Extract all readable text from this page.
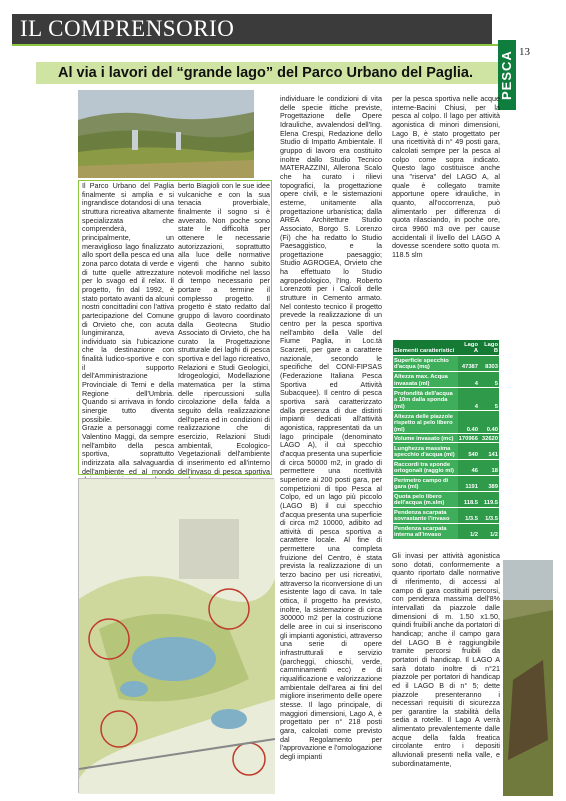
IL COMPRENSORIO
PESCA 13
Al via i lavori del “grande lago” del Parco Urbano del Paglia.

Il Parco Urbano del Paglia finalmente si amplia e si ingrandisce dotandosi di una struttura ricreativa altamente specializzata che comprenderà, principalmente, un meraviglioso lago finalizzato allo sport della pesca ed una zona parco dotata di verde e di tutte quelle attrezzature per lo svago ed il relax. Il progetto, fin dal 1992, è stato portato avanti da alcuni nostri concittadini con l'attiva partecipazione del Comune di Orvieto che, con acuta lungimiranza, aveva individuato sia l'ubicazione che la destinazione con finalità ludico-sportive e con il supporto dell'Amministrazione Provinciale di Terni e della Regione dell'Umbria. Quando si arrivava in fondo sinergie tutto diventa possibile.

Grazie a personaggi come Valentino Maggi, da sempre nell'ambito della pesca sportiva, soprattutto indirizzata alla salvaguardia dell'ambiente ed al mondo

berto Biagioli con le sue idee vulcaniche e con la sua tenacia proverbiale, finalmente il sogno si è avverato. Non poche sono state le difficoltà per ottenere le necessarie autorizzazioni, soprattutto alla luce delle normative vigenti che hanno subito notevoli modifiche nel lasso di tempo necessario per portare a termine il complesso progetto. Il progetto è stato redatto dal gruppo di lavoro coordinato dalla Geotecna Studio Associato di Orvieto, che ha curato la Progettazione strutturale dei laghi di pesca sportiva e del lago ricreativo, Relazioni e Studi Geologici, Idrogeologici, Modellazione matematica per la stima delle ripercussioni sulla circolazione della falda a seguito della realizzazione dell'opera ed in condizioni di realizzazione che di esercizio, Relazioni Studi ambientali, Ecologico-Vegetazionali dell'ambiente di inserimento ed all'interno dell'invaso di pesca sportiva

individuare le condizioni di vita delle specie ittiche previste, Progettazione delle Opere Idrauliche, avvalendosi dell'Ing. Elena Crespi, Redazione dello Studio di Impatto Ambientale. Il gruppo di lavoro era costituito inoltre dallo Studio Tecnico MATERAZZINI, Allerona Scalo che ha curato i rilievi topografici, la progettazione opere civili, e le sistemazioni esterne, unitamente alla progettazione urbanistica; dalla AREA Architetture Studio Associato, Borgo S. Lorenzo (Fi) che ha redatto lo Studio Paesaggistico, e la progettazione paesaggio; Studio AGROGEA, Orvieto che ha effettuato lo Studio agropedologico, l'Ing. Roberto Lorenzotti per i Calcoli delle strutture in Cemento armato. Nel contesto tecnico il progetto prevede la realizzazione di un centro per la pesca sportiva nell'ambito della Valle del Fiume Paglia, in Loc.tà Scarzeti, per gare a carattere nazionale, secondo le specifiche del CONI-FIPSAS (Federazione Italiana Pesca Sportiva ed Attività Subacquee). Il centro di pesca sportiva sarà caratterizzato dalla presenza di due distinti impianti dedicati all'attività agonistica, rappresentati da un lago principale (denominato LAGO A), il cui specchio d'acqua presenta una superficie di circa 50000 m2, in grado di permettere una ricettività superiore ai 200 posti gara, per competizioni di tipo Pesca al Colpo, ed un lago più piccolo (LAGO B) il cui specchio d'acqua presenta una superficie di circa m2 10000, adibito ad attività di pesca sportiva a carattere locale. Al fine di permettere una completa fruizione del Centro, è stata prevista la realizzazione di un terzo bacino per usi ricreativi, attraverso la riconversione di un esistente lago di cava. In tale ottica, il progetto ha previsto, inoltre, la sistemazione di circa 300000 m2 per la costruzione delle aree in cui si inseriscono gli impianti agonistici, attraverso una serie di opere infrastrutturali e servizio (parcheggi, chioschi, verde, camminamenti ecc) e di riqualificazione e valorizzazione ambientale dell'area ai fini del migliore inserimento delle opere stesse. Il lago principale, di maggiori dimensioni, Lago A, è progettato per n° 218 posti gara, calcolati come previsto dal Regolamento per l'approvazione e l'omologazione degli impianti

per la pesca sportiva nelle acque interne-Bacini Chiusi, per la pesca al colpo. Il lago per attività agonistica di minori dimensioni, Lago B, è stato progettato per una ricettività di n° 49 posti gara, calcolati sempre per la pesca al colpo come sopra indicato. Questo lago costituisce anche una "riserva" del LAGO A, al quale è collegato tramite apportune opere idrauliche, in quanto, all'occorrenza, può alimentarlo per differenza di quota rilasciando, in poche ore, circa 9960 m3 ove per cause accidentali il livello del LAGO A dovesse scendere sotto quota m. 118.5 slm

Elementi caratteristici	Lago A	Lago B
Superficie specchio d'acqua (mq)	47387	8303
Altezza max. Acqua invasata (ml)	4	5
Profondità dell'acqua a 10m dalla sponda (ml)	4	5
Altezza delle piazzole rispetto al pelo libero (ml)	0.40	0.40
Volume invasato (mc)	170966	32620
Lunghezza massima specchio d'acqua (ml)	540	141
Raccordi tra sponde ortogonali (raggio ml)	46	18
Perimetro campo di gara (ml)	1191	389
Quota pelo libero dell'acqua (m.slm)	118.5	119.5
Pendenza scarpata sovrastante l'invaso	1/3.5	1/3.5
Pendenza scarpata interna all'invaso	1/2	1/2

Gli invasi per attività agonistica sono dotati, conformemente a quanto riportato dalle normative di riferimento, di accessi al campo di gara costituiti percorsi, con pendenza massima dell'8% intervallati da piazzole dalle dimensioni di m. 1.50 x1.50, quindi fruibili anche da portatori di handicap; anche il campo gara del LAGO B è raggiungibile tramite percorsi fruibili da portatori di handicap. Il LAGO A sarà dotato inoltre di n°21 piazzole per portatori di handicap ed il LAGO B di n° 5; dette piazzole presenteranno i necessari requisiti di sicurezza per garantire la stabilità della sedia a rotelle. Il Lago A verrà alimentato prevalentemente dalle acque della falda freatica circolante entro i depositi alluvionali presenti nella valle, e subordinatamente,
